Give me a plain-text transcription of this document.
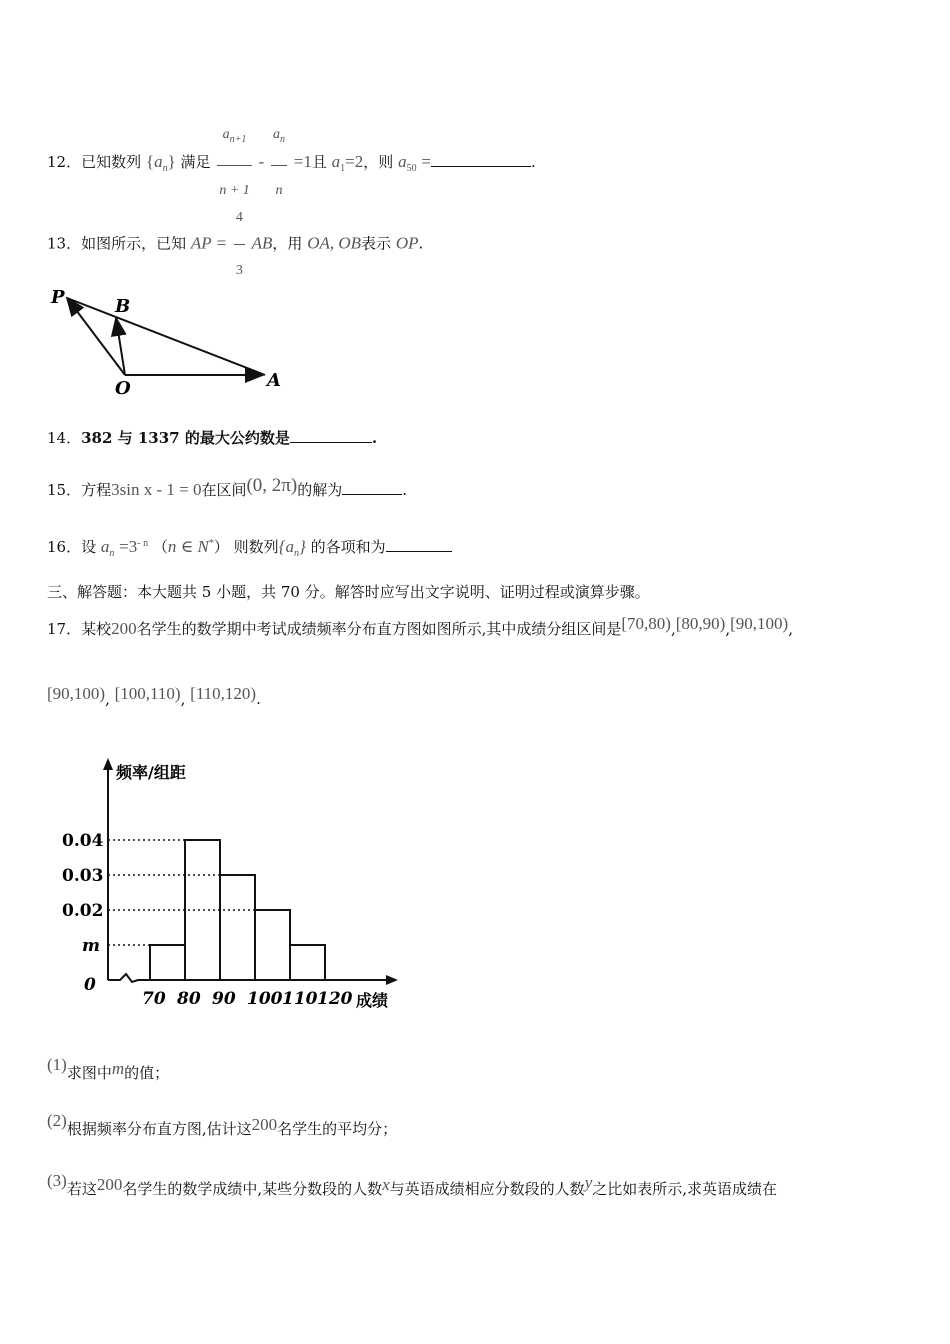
12．已知数列 $\{a_n\}$ 满足 $\frac{a_{n+1}}{n + 1} - \frac{a_n}{n} =1$且 $a_1=2$，则 $a_{50}$ =	.
13．如图所示，已知 AP = $\frac{4}{3}$ AB，用 OA, OB表示 OP.
P	B
O	A
14．382 与 1337 的最大公约数是	.
15．方程3sin x - 1 = 0在区间(0, 2π)的解为	.
16．设 $a_n =3^{- n}$ （n ∈ N*） 则数列$\{a_n\}$ 的各项和为
三、解答题：本大题共 5 小题，共 70 分。解答时应写出文字说明、证明过程或演算步骤。
17．某校200名学生的数学期中考试成绩频率分布直方图如图所示,其中成绩分组区间是[70,80),[80,90),[90,100),
[90,100), [100,110), [110,120).
频率/组距
成绩
0
0.04
0.03
0.02
m
70 80 90 100 110 120
(1)求图中m的值；
(2)根据频率分布直方图,估计这200名学生的平均分；
(3)若这200名学生的数学成绩中,某些分数段的人数x与英语成绩相应分数段的人数y之比如表所示,求英语成绩在
